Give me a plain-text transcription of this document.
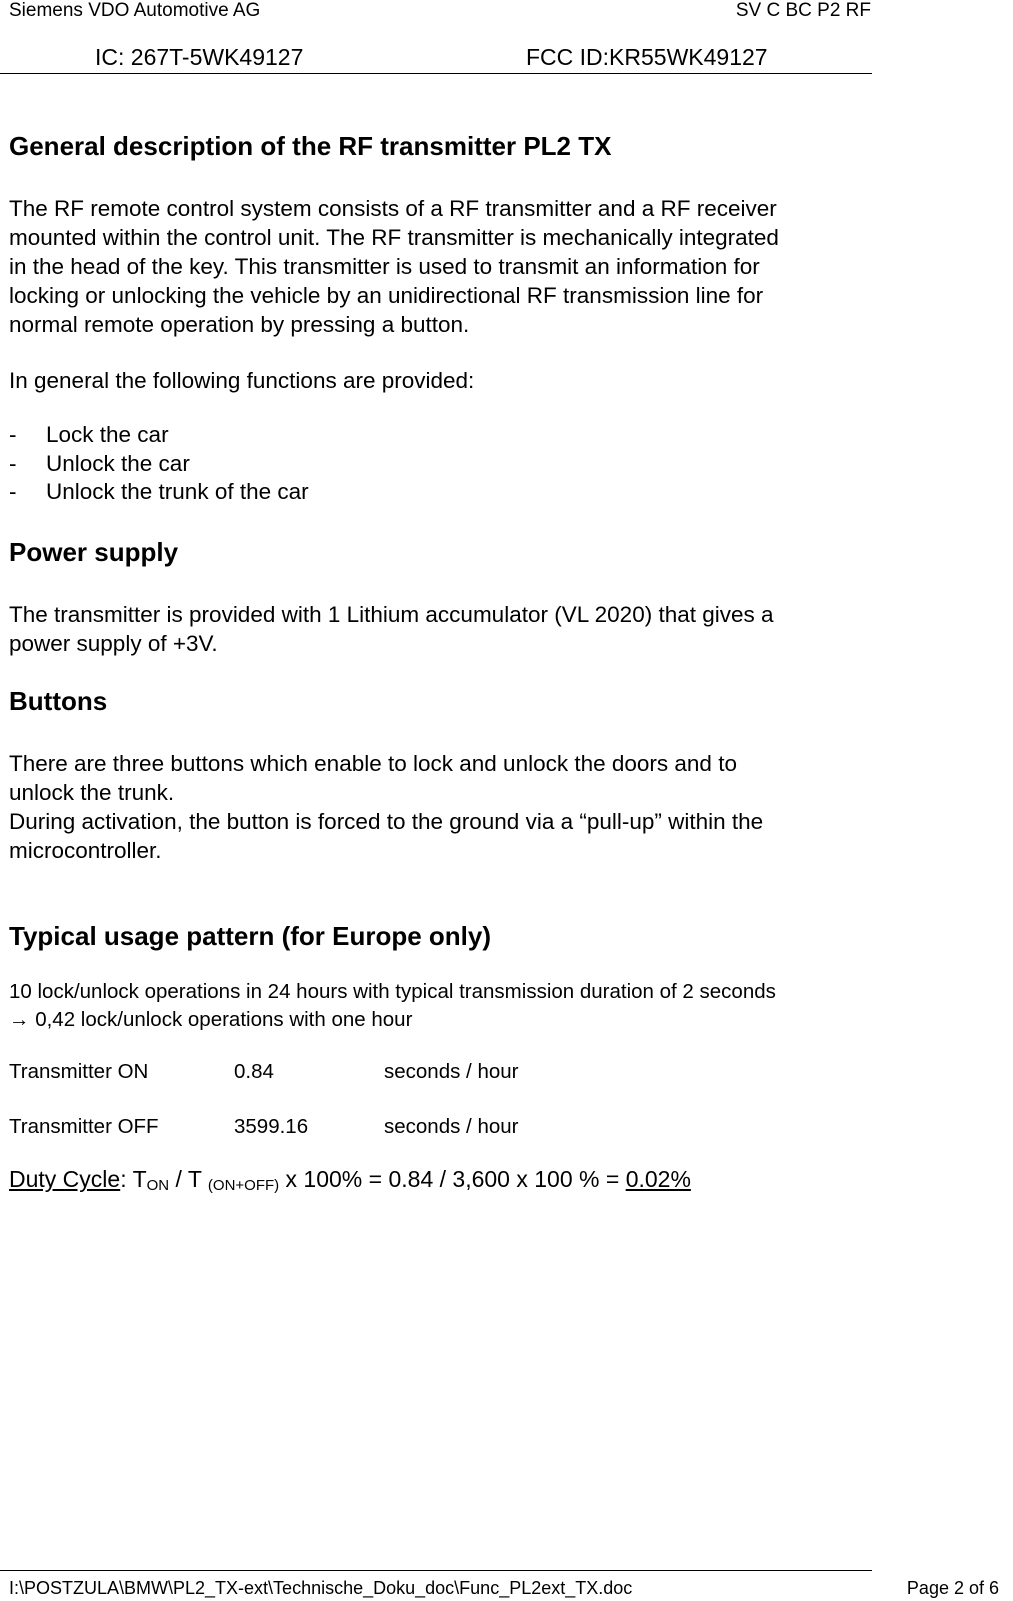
Siemens VDO Automotive AG	SV C BC P2 RF
IC: 267T-5WK49127	FCC ID:KR55WK49127
General description of the RF transmitter PL2 TX
The RF remote control system consists of a RF transmitter and a RF receiver
mounted within the control unit. The RF transmitter is mechanically integrated
in the head of the key. This transmitter is used to transmit an information for
locking or unlocking the vehicle by an unidirectional RF transmission line for
normal remote operation by pressing a button.
In general the following functions are provided:
- Lock the car
- Unlock the car
- Unlock the trunk of the car
Power supply
The transmitter is provided with 1 Lithium accumulator (VL 2020) that gives a
power supply of +3V.
Buttons
There are three buttons which enable to lock and unlock the doors and to
unlock the trunk.
During activation, the button is forced to the ground via a “pull-up” within the
microcontroller.
Typical usage pattern (for Europe only)
10 lock/unlock operations in 24 hours with typical transmission duration of 2 seconds
→ 0,42 lock/unlock operations with one hour
Transmitter ON	0.84	seconds / hour
Transmitter OFF	3599.16	seconds / hour
Duty Cycle: $T_{ON}$ / T $_{(ON+OFF)}$ x 100% = 0.84 / 3,600 x 100 % = 0.02%
I:\POSTZULA\BMW\PL2_TX-ext\Technische_Doku_doc\Func_PL2ext_TX.doc	Page 2 of 6
